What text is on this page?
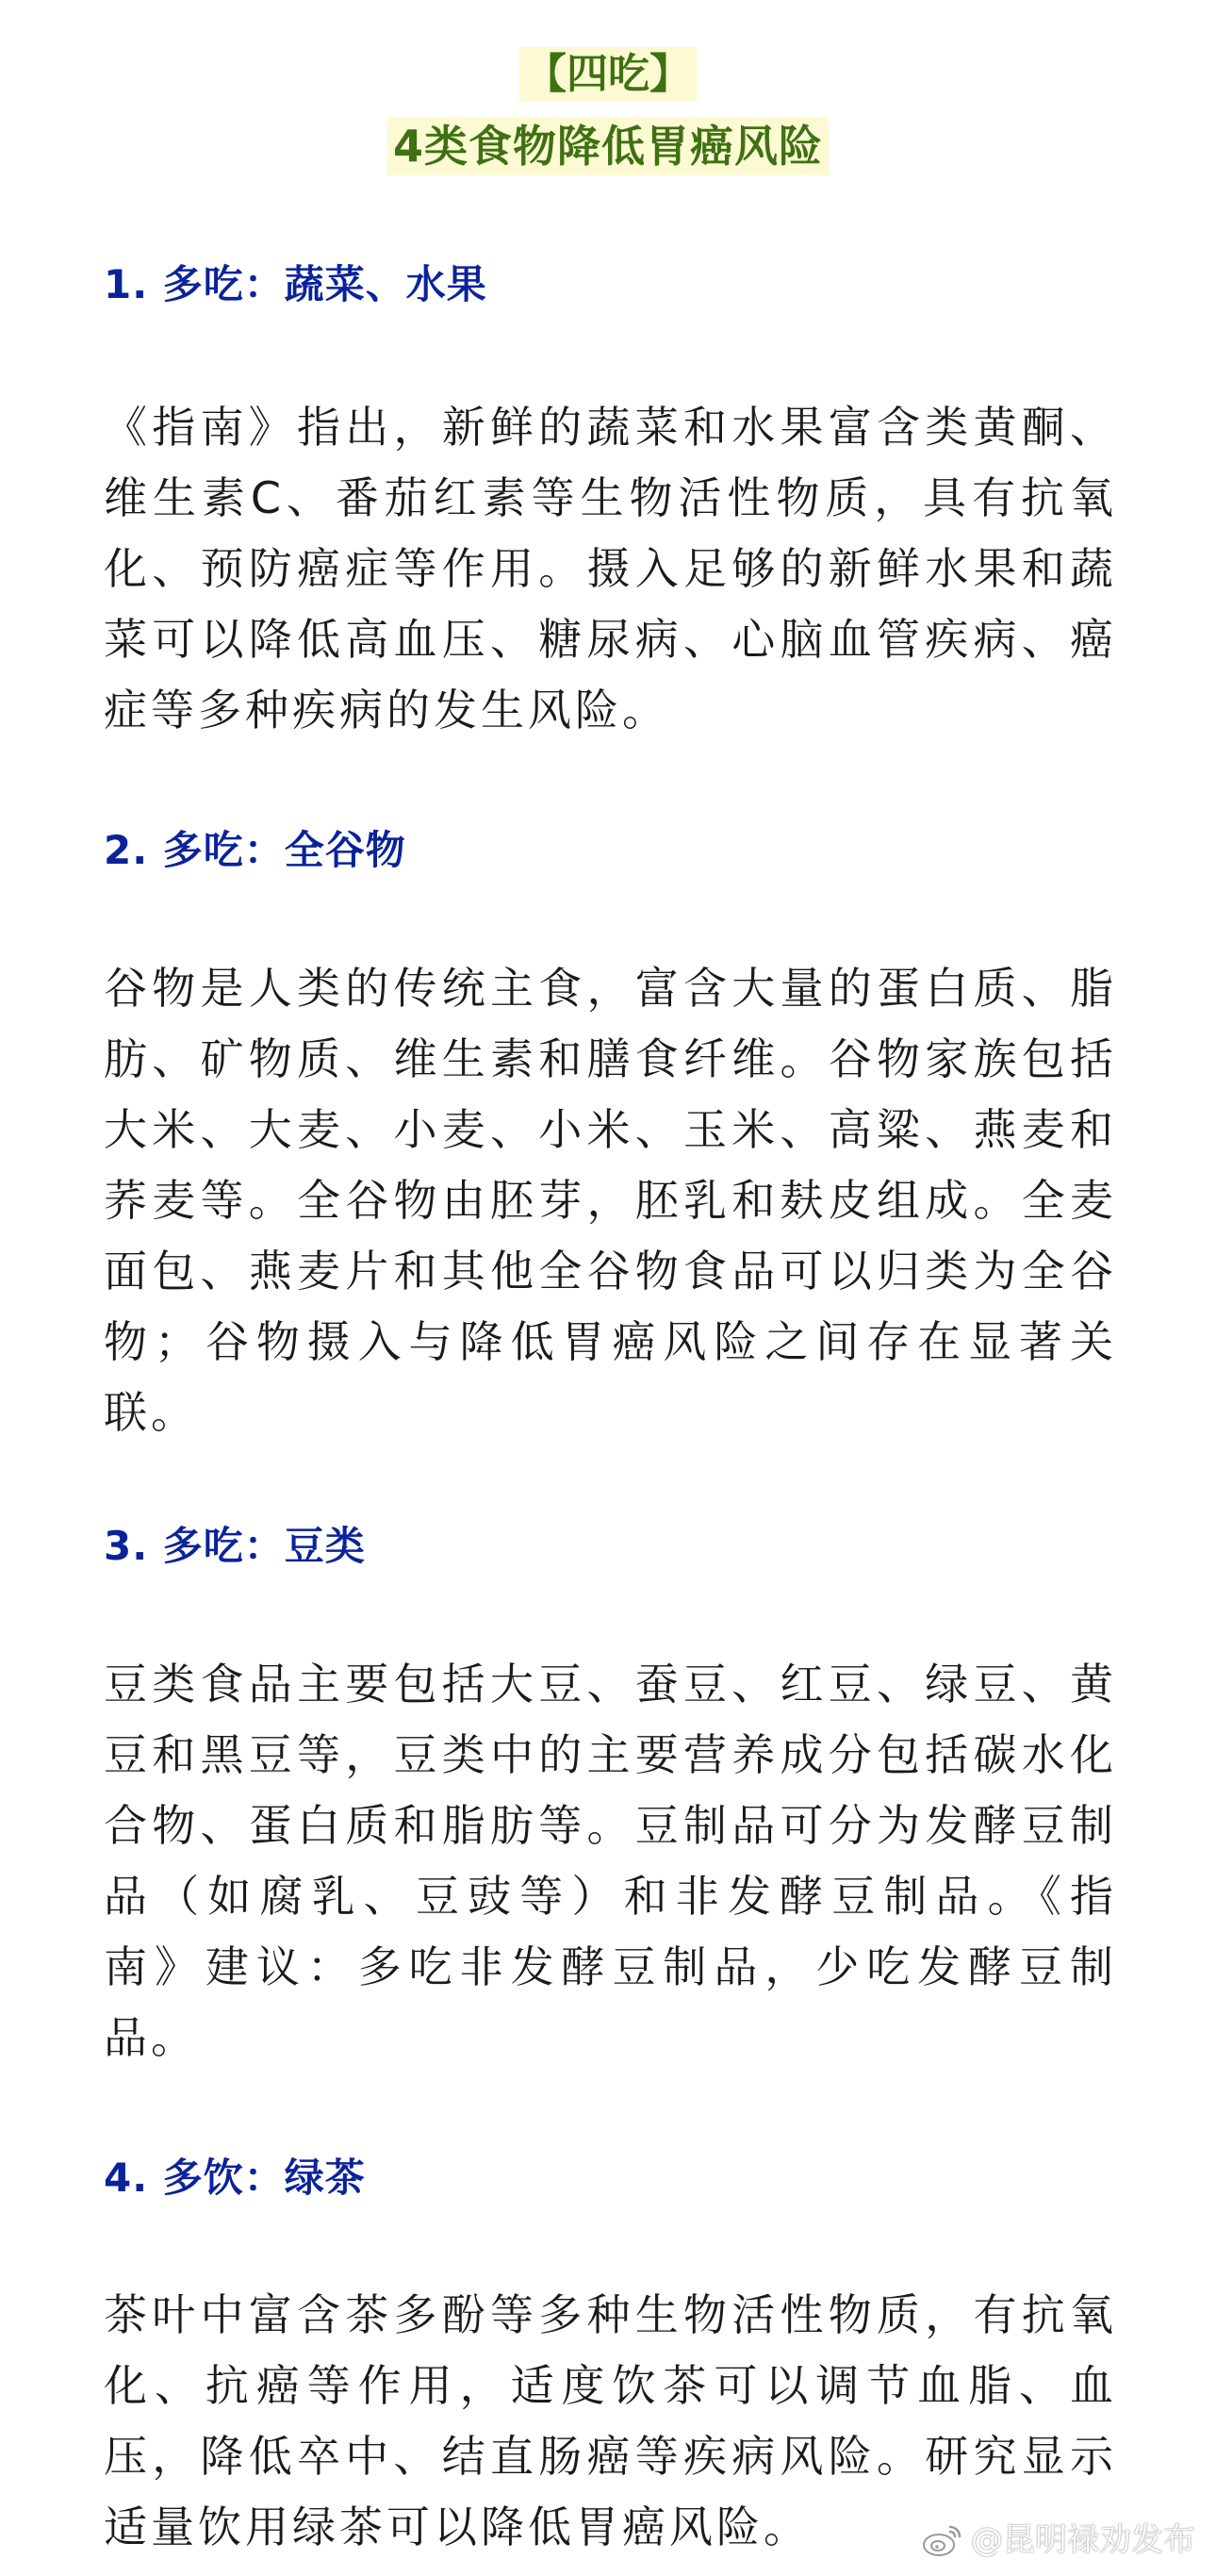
【四吃】
4类食物降低胃癌风险
1. 多吃：蔬菜、水果
《指南》指出，新鲜的蔬菜和水果富含类黄酮、
维生素C、番茄红素等生物活性物质，具有抗氧
化、预防癌症等作用。摄入足够的新鲜水果和蔬
菜可以降低高血压、糖尿病、心脑血管疾病、癌
症等多种疾病的发生风险。
2. 多吃：全谷物
谷物是人类的传统主食，富含大量的蛋白质、脂
肪、矿物质、维生素和膳食纤维。谷物家族包括
大米、大麦、小麦、小米、玉米、高粱、燕麦和
荞麦等。全谷物由胚芽，胚乳和麸皮组成。全麦
面包、燕麦片和其他全谷物食品可以归类为全谷
物；谷物摄入与降低胃癌风险之间存在显著关
联。
3. 多吃：豆类
豆类食品主要包括大豆、蚕豆、红豆、绿豆、黄
豆和黑豆等，豆类中的主要营养成分包括碳水化
合物、蛋白质和脂肪等。豆制品可分为发酵豆制
品（如腐乳、豆豉等）和非发酵豆制品。《指
南》建议：多吃非发酵豆制品，少吃发酵豆制
品。
4. 多饮：绿茶
茶叶中富含茶多酚等多种生物活性物质，有抗氧
化、抗癌等作用，适度饮茶可以调节血脂、血
压，降低卒中、结直肠癌等疾病风险。研究显示
适量饮用绿茶可以降低胃癌风险。	@昆明禄劝发布
